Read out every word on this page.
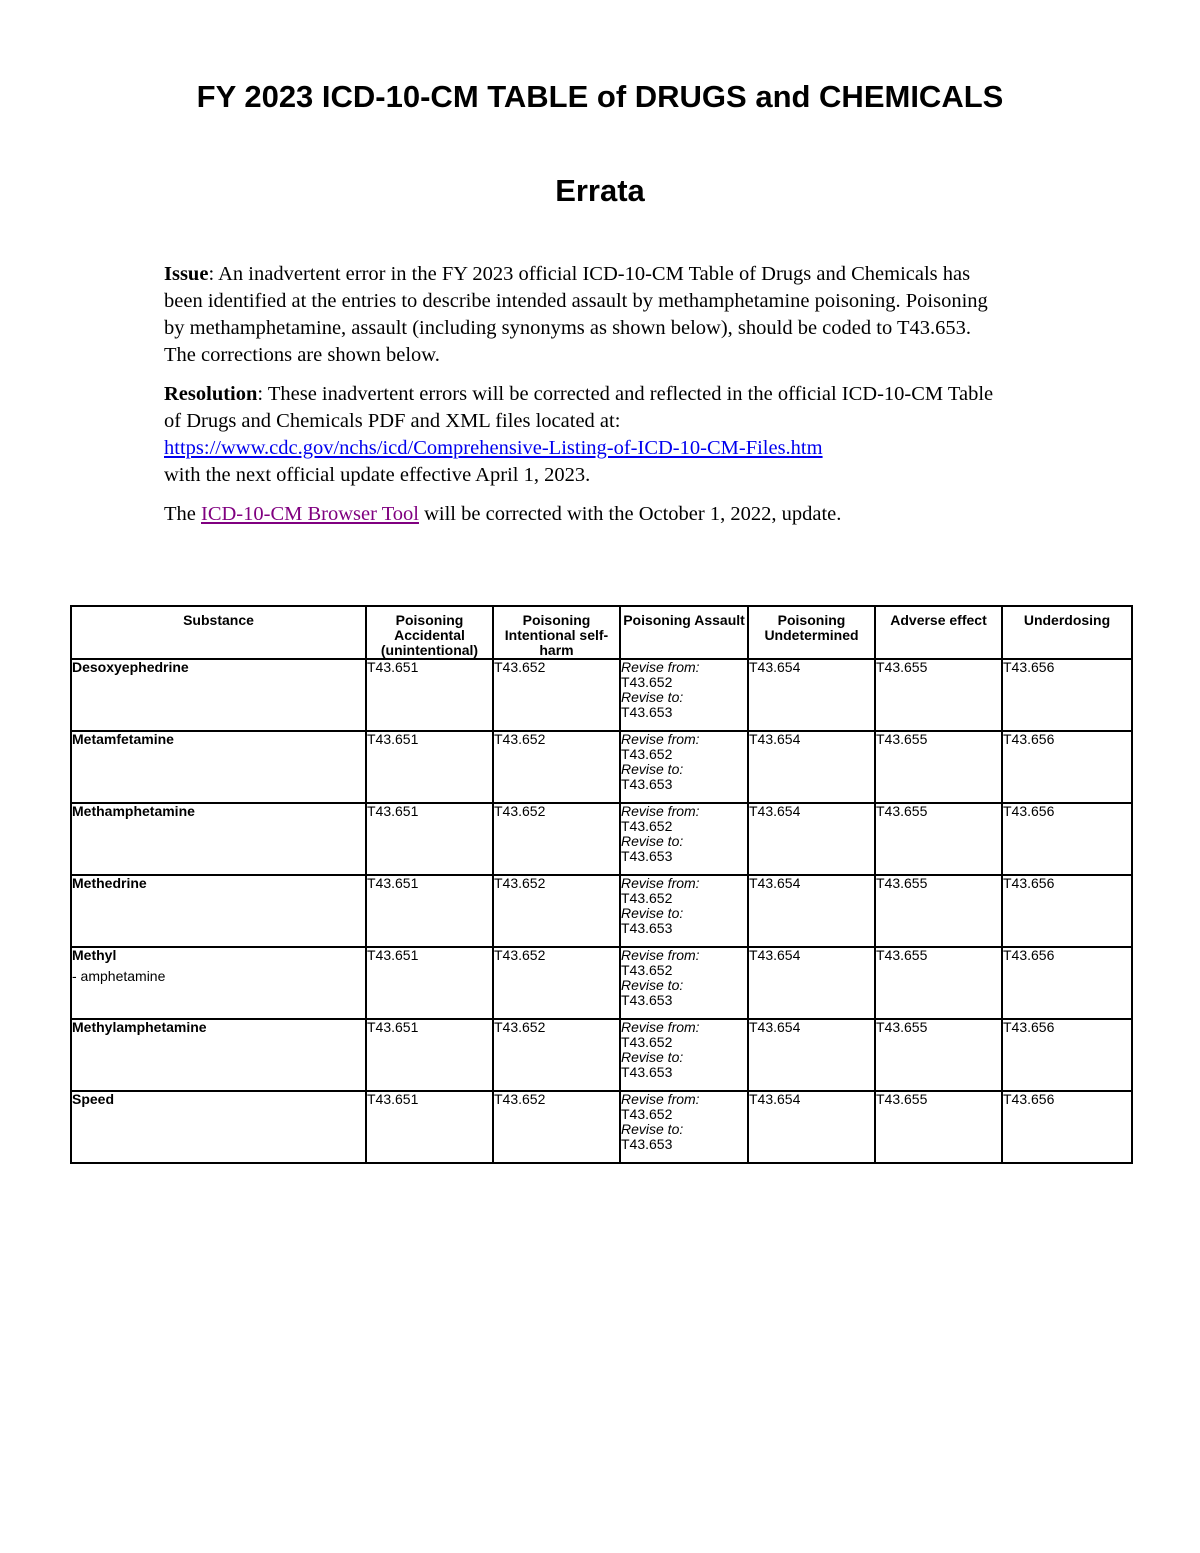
FY 2023 ICD-10-CM TABLE of DRUGS and CHEMICALS
Errata

Issue: An inadvertent error in the FY 2023 official ICD-10-CM Table of Drugs and Chemicals has been identified at the entries to describe intended assault by methamphetamine poisoning. Poisoning by methamphetamine, assault (including synonyms as shown below), should be coded to T43.653. The corrections are shown below.

Resolution: These inadvertent errors will be corrected and reflected in the official ICD-10-CM Table of Drugs and Chemicals PDF and XML files located at:
https://www.cdc.gov/nchs/icd/Comprehensive-Listing-of-ICD-10-CM-Files.htm
with the next official update effective April 1, 2023.

The ICD-10-CM Browser Tool will be corrected with the October 1, 2022, update.

Substance	Poisoning Accidental (unintentional)	Poisoning Intentional self-harm	Poisoning Assault	Poisoning Undetermined	Adverse effect	Underdosing
Desoxyephedrine	T43.651	T43.652	Revise from:
T43.652
Revise to:
T43.653	T43.654	T43.655	T43.656
Metamfetamine	T43.651	T43.652	Revise from:
T43.652
Revise to:
T43.653	T43.654	T43.655	T43.656
Methamphetamine	T43.651	T43.652	Revise from:
T43.652
Revise to:
T43.653	T43.654	T43.655	T43.656
Methedrine	T43.651	T43.652	Revise from:
T43.652
Revise to:
T43.653	T43.654	T43.655	T43.656
Methyl
- amphetamine	T43.651	T43.652	Revise from:
T43.652
Revise to:
T43.653	T43.654	T43.655	T43.656
Methylamphetamine	T43.651	T43.652	Revise from:
T43.652
Revise to:
T43.653	T43.654	T43.655	T43.656
Speed	T43.651	T43.652	Revise from:
T43.652
Revise to:
T43.653	T43.654	T43.655	T43.656
